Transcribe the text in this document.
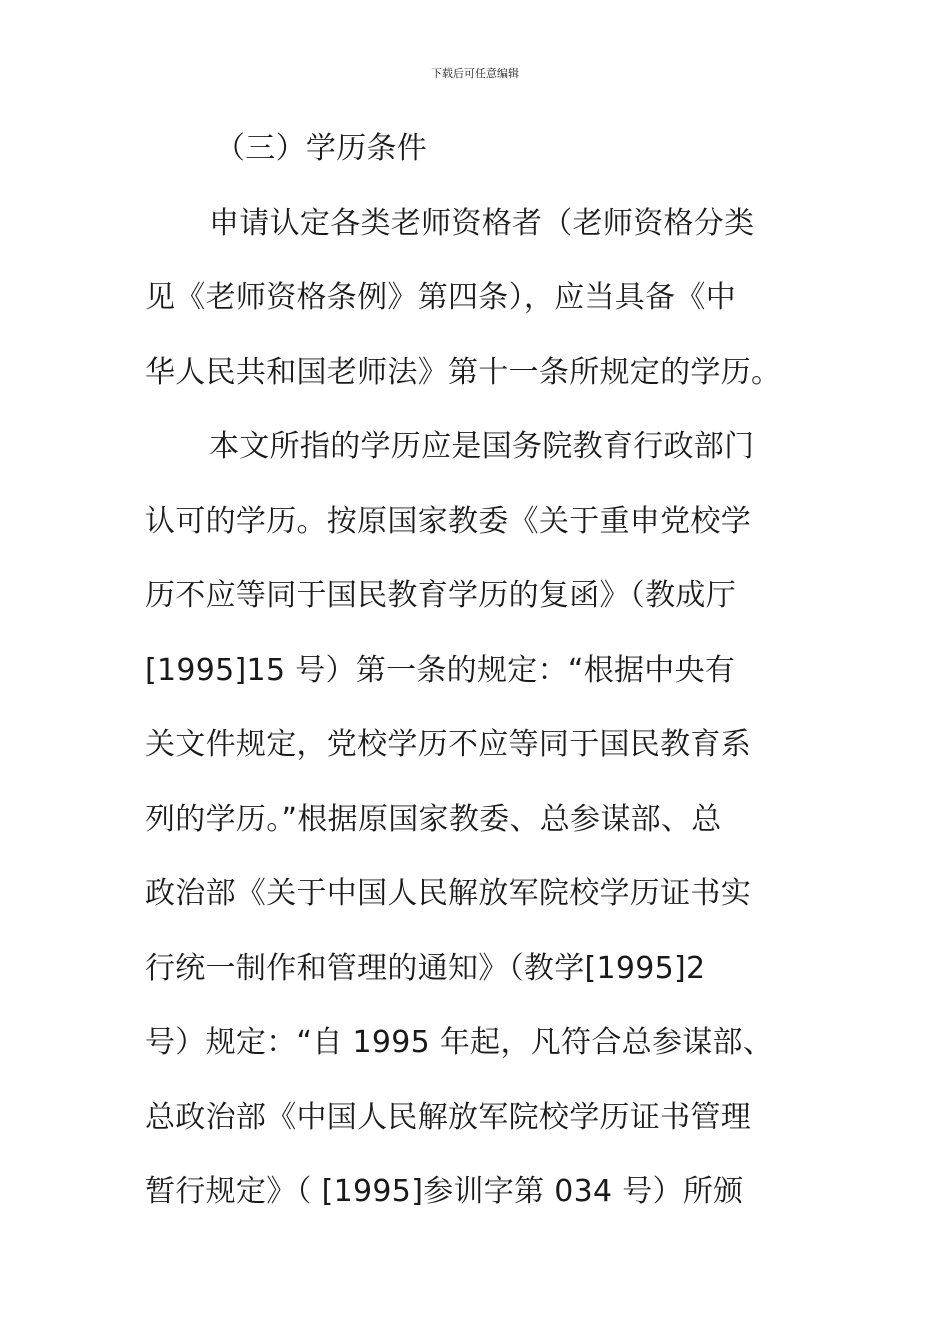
下载后可任意编辑
（三）学历条件
申请认定各类老师资格者（老师资格分类
见《老师资格条例》第四条），应当具备《中
华人民共和国老师法》第十一条所规定的学历。
本文所指的学历应是国务院教育行政部门
认可的学历。按原国家教委《关于重申党校学
历不应等同于国民教育学历的复函》（教成厅
[1995]15 号）第一条的规定：“根据中央有
关文件规定，党校学历不应等同于国民教育系
列的学历。”根据原国家教委、总参谋部、总
政治部《关于中国人民解放军院校学历证书实
行统一制作和管理的通知》（教学[1995]2
号）规定：“自 1995 年起，凡符合总参谋部、
总政治部《中国人民解放军院校学历证书管理
暂行规定》（ [1995]参训字第 034 号）所颁
